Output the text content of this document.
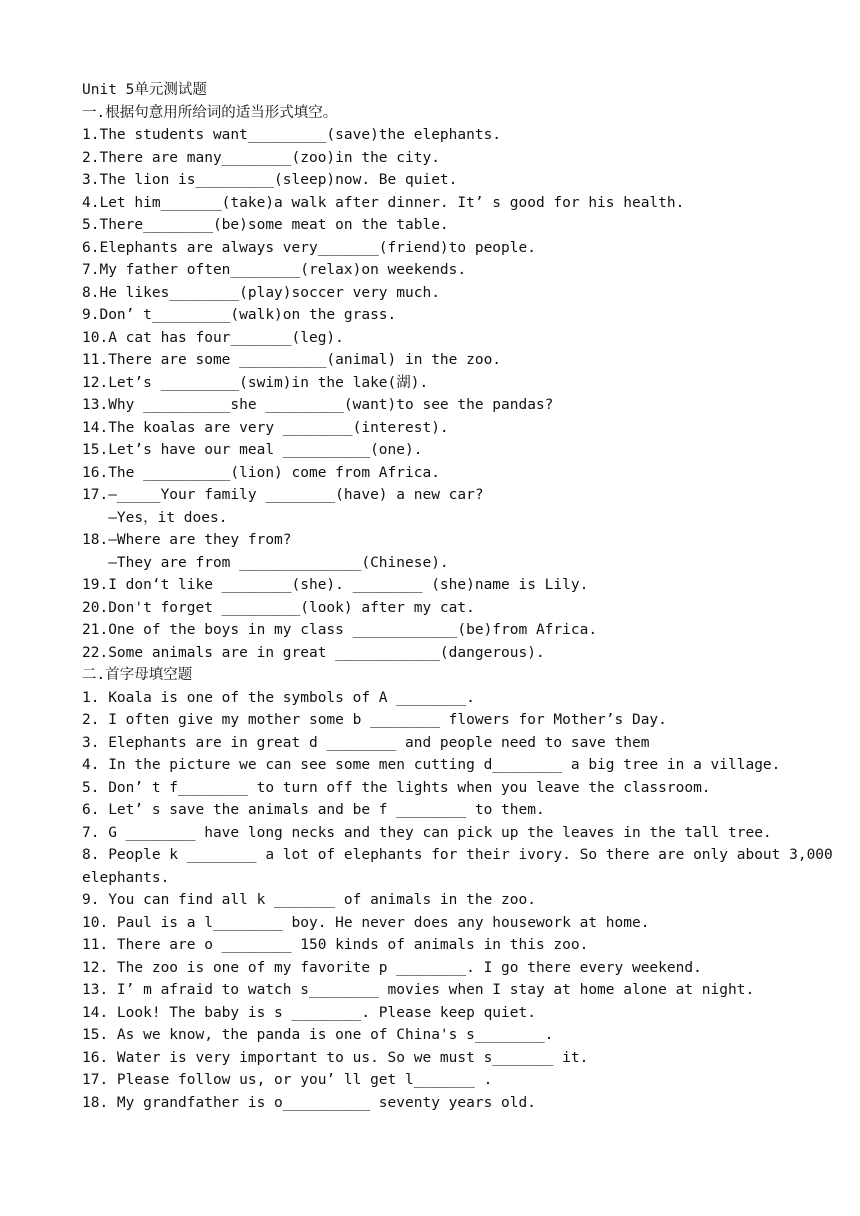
Unit 5单元测试题
一.根据句意用所给词的适当形式填空。
1.The students want_________(save)the elephants.
2.There are many________(zoo)in the city.
3.The lion is_________(sleep)now. Be quiet.
4.Let him_______(take)a walk after dinner. It’ s good for his health.
5.There________(be)some meat on the table.
6.Elephants are always very_______(friend)to people.
7.My father often________(relax)on weekends.
8.He likes________(play)soccer very much.
9.Don’ t_________(walk)on the grass.
10.A cat has four_______(leg).
11.There are some __________(animal) in the zoo.
12.Let’s _________(swim)in the lake(湖).
13.Why __________she _________(want)to see the pandas?
14.The koalas are very ________(interest).
15.Let’s have our meal __________(one).
16.The __________(lion) come from Africa.
17.—_____Your family ________(have) a new car?
—Yes，it does.
18.—Where are they from?
—They are from ______________(Chinese).
19.I don‘t like ________(she). ________ (she)name is Lily.
20.Don't forget _________(look) after my cat.
21.One of the boys in my class ____________(be)from Africa.
22.Some animals are in great ____________(dangerous).
二.首字母填空题
1. Koala is one of the symbols of A ________.
2. I often give my mother some b ________ flowers for Mother’s Day.
3. Elephants are in great d ________ and people need to save them
4. In the picture we can see some men cutting d________ a big tree in a village.
5. Don’ t f________ to turn off the lights when you leave the classroom.
6. Let’ s save the animals and be f ________ to them.
7. G ________ have long necks and they can pick up the leaves in the tall tree.
8. People k ________ a lot of elephants for their ivory. So there are only about 3,000 elephants.
9. You can find all k _______ of animals in the zoo.
10. Paul is a l________ boy. He never does any housework at home.
11. There are o ________ 150 kinds of animals in this zoo.
12. The zoo is one of my favorite p ________. I go there every weekend.
13. I’ m afraid to watch s________ movies when I stay at home alone at night.
14. Look! The baby is s ________. Please keep quiet.
15. As we know, the panda is one of China's s________.
16. Water is very important to us. So we must s_______ it.
17. Please follow us, or you’ ll get l_______ .
18. My grandfather is o__________ seventy years old.
